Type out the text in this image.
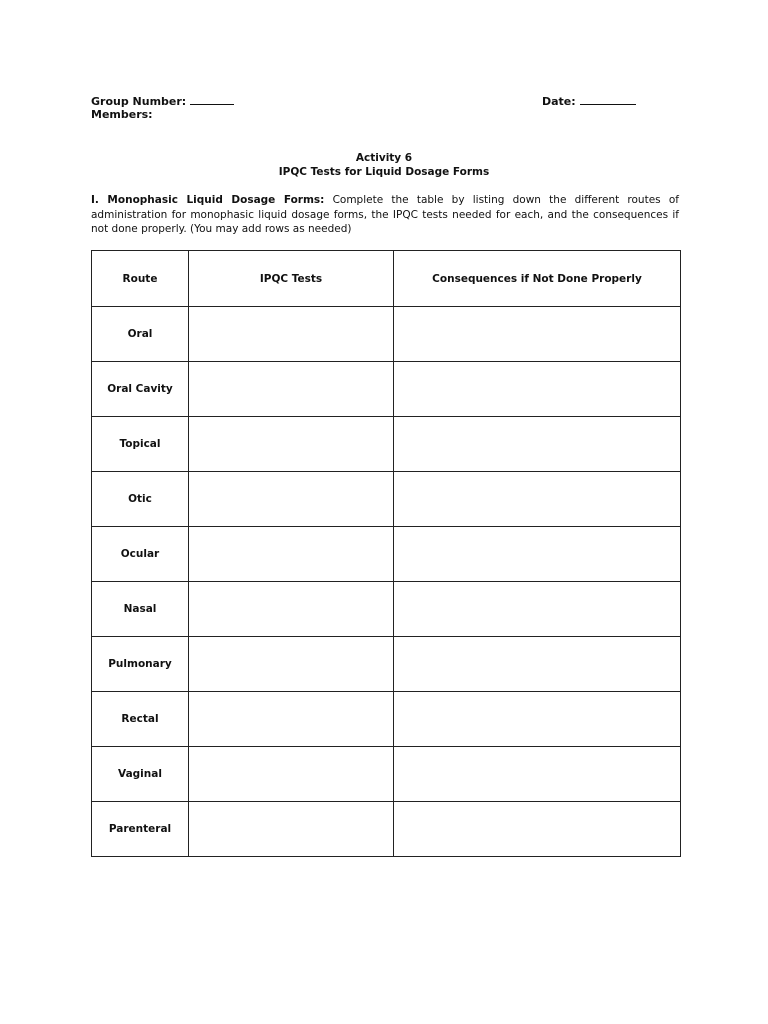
Group Number:
Members:
Date:
Activity 6
IPQC Tests for Liquid Dosage Forms
I. Monophasic Liquid Dosage Forms: Complete the table by listing down the different routes of administration for monophasic liquid dosage forms, the IPQC tests needed for each, and the consequences if not done properly. (You may add rows as needed)
Route	IPQC Tests	Consequences if Not Done Properly
Oral		
Oral Cavity		
Topical		
Otic		
Ocular		
Nasal		
Pulmonary		
Rectal		
Vaginal		
Parenteral		
